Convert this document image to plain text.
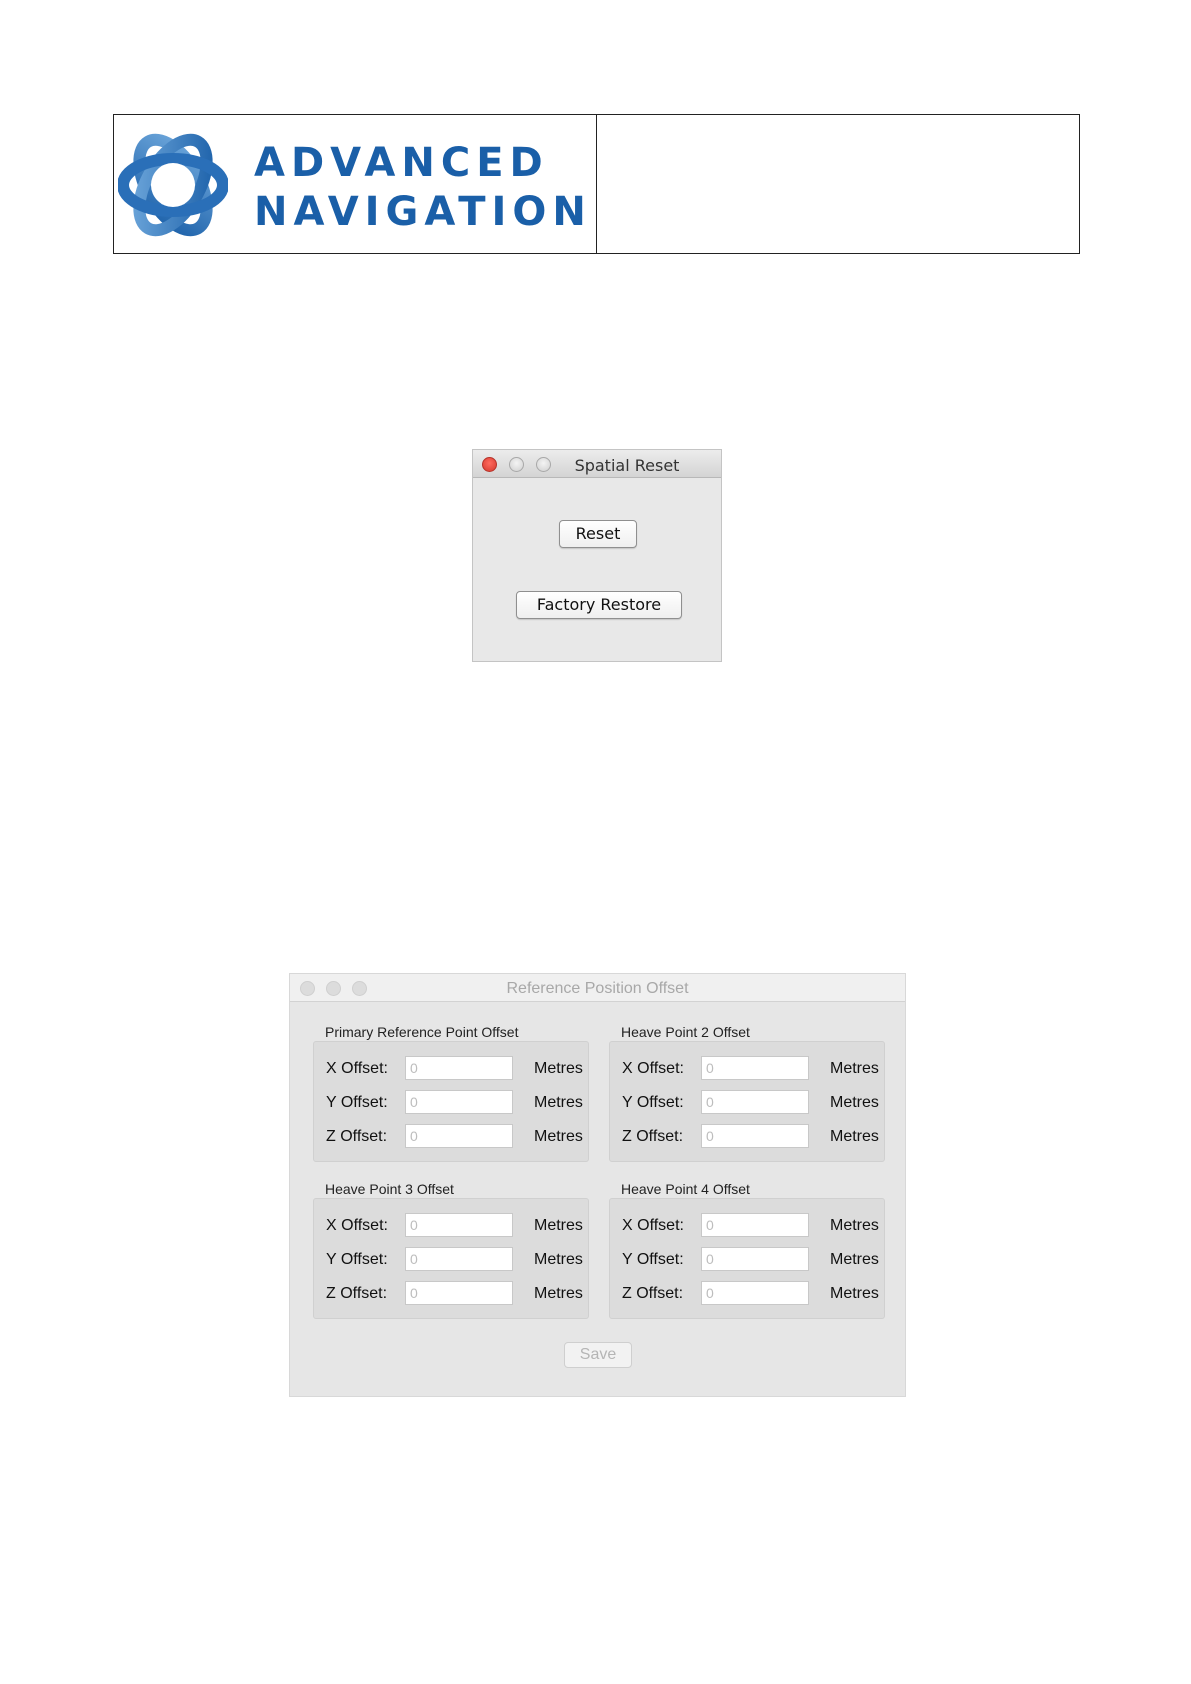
ADVANCED
NAVIGATION
Spatial Reset
Reset
Factory Restore
Reference Position Offset
Primary Reference Point Offset
X Offset:
0	Metres
Y Offset:
0	Metres
Z Offset:
0	Metres
Heave Point 2 Offset
X Offset:
0	Metres
Y Offset:
0	Metres
Z Offset:
0	Metres
Heave Point 3 Offset
X Offset:
0	Metres
Y Offset:
0	Metres
Z Offset:
0	Metres
Heave Point 4 Offset
X Offset:
0	Metres
Y Offset:
0	Metres
Z Offset:
0	Metres
Save
